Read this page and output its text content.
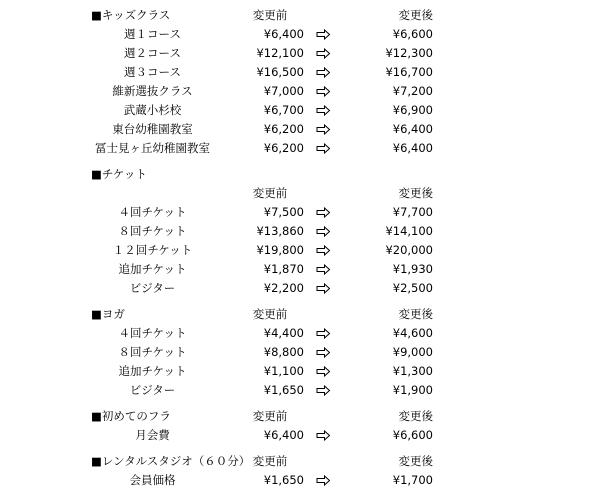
■キッズクラス	変更前	変更後
週１コース	¥6,400	¥6,600
週２コース	¥12,100	¥12,300
週３コース	¥16,500	¥16,700
維新選抜クラス	¥7,000	¥7,200
武蔵小杉校	¥6,700	¥6,900
東台幼稚園教室	¥6,200	¥6,400
冨士見ヶ丘幼稚園教室	¥6,200	¥6,400
■チケット
変更前	変更後
４回チケット	¥7,500	¥7,700
８回チケット	¥13,860	¥14,100
１２回チケット	¥19,800	¥20,000
追加チケット	¥1,870	¥1,930
ビジター	¥2,200	¥2,500
■ヨガ	変更前	変更後
４回チケット	¥4,400	¥4,600
８回チケット	¥8,800	¥9,000
追加チケット	¥1,100	¥1,300
ビジター	¥1,650	¥1,900
■初めてのフラ	変更前	変更後
月会費	¥6,400	¥6,600
■レンタルスタジオ（６０分） 変更前	変更後
会員価格	¥1,650	¥1,700
